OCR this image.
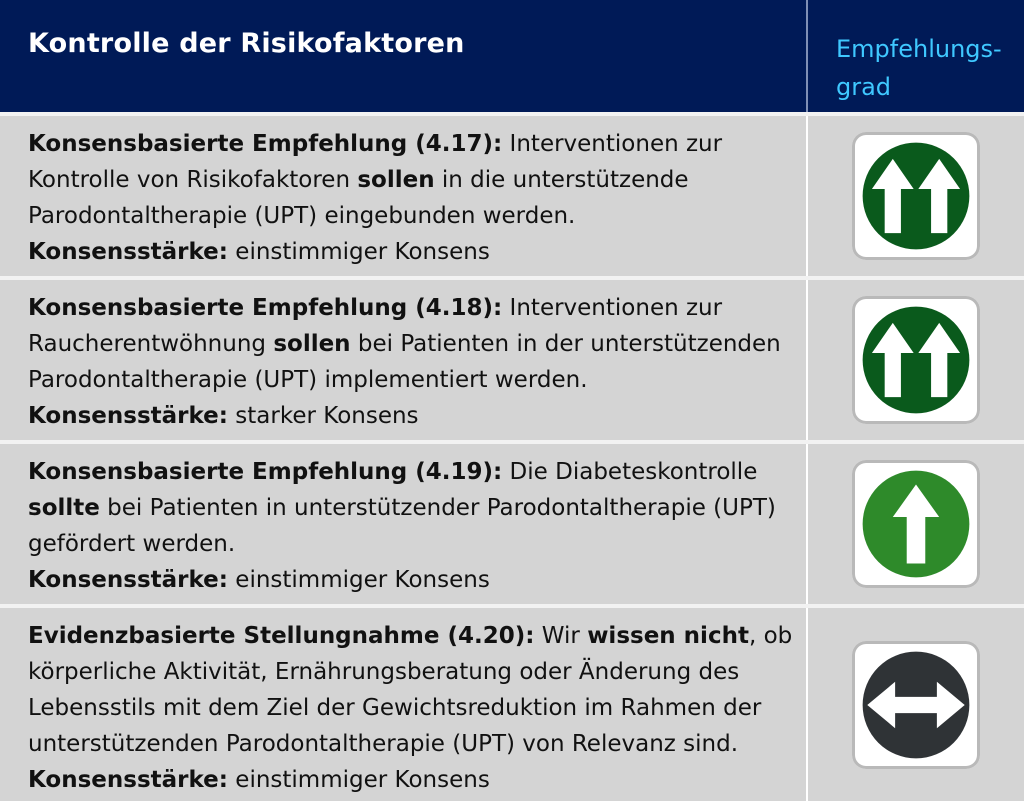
Kontrolle der Risikofaktoren	Empfehlungs-
grad
Konsensbasierte Empfehlung (4.17): Interventionen zur
Kontrolle von Risikofaktoren sollen in die unterstützende
Parodontaltherapie (UPT) eingebunden werden.
Konsensstärke: einstimmiger Konsens
Konsensbasierte Empfehlung (4.18): Interventionen zur
Raucherentwöhnung sollen bei Patienten in der unterstützenden
Parodontaltherapie (UPT) implementiert werden.
Konsensstärke: starker Konsens
Konsensbasierte Empfehlung (4.19): Die Diabeteskontrolle
sollte bei Patienten in unterstützender Parodontaltherapie (UPT)
gefördert werden.
Konsensstärke: einstimmiger Konsens
Evidenzbasierte Stellungnahme (4.20): Wir wissen nicht, ob
körperliche Aktivität, Ernährungsberatung oder Änderung des
Lebensstils mit dem Ziel der Gewichtsreduktion im Rahmen der
unterstützenden Parodontaltherapie (UPT) von Relevanz sind.
Konsensstärke: einstimmiger Konsens
